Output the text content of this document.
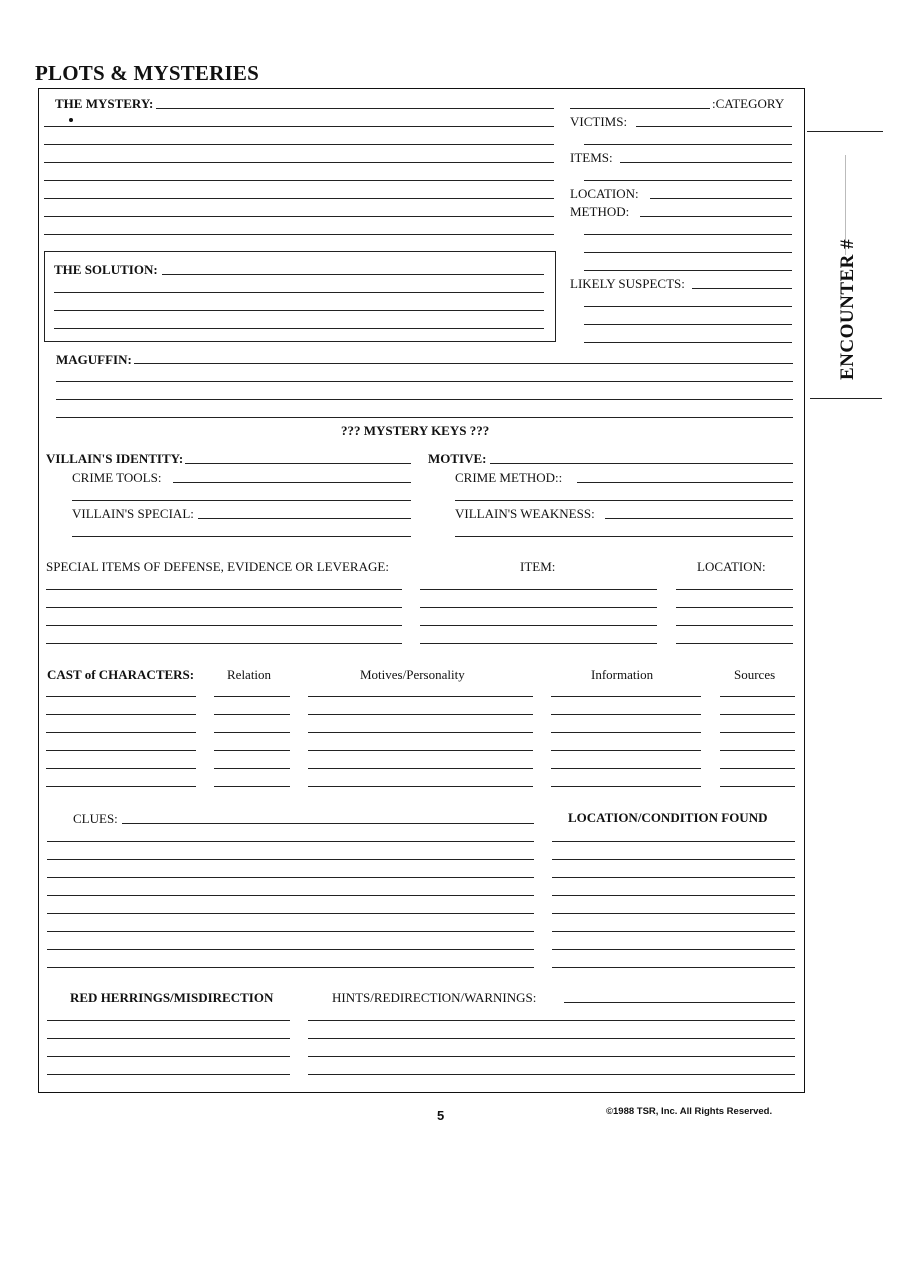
PLOTS & MYSTERIES
ENCOUNTER #
THE MYSTERY:	:CATEGORY
VICTIMS:
ITEMS:
LOCATION:
METHOD:
LIKELY SUSPECTS:
THE SOLUTION:
MAGUFFIN:
??? MYSTERY KEYS ???
VILLAIN'S IDENTITY:	MOTIVE:
CRIME TOOLS:	CRIME METHOD::
VILLAIN'S SPECIAL:	VILLAIN'S WEAKNESS:
SPECIAL ITEMS OF DEFENSE, EVIDENCE OR LEVERAGE:	ITEM:	LOCATION:
CAST of CHARACTERS:	Relation	Motives/Personality	Information	Sources
CLUES:	LOCATION/CONDITION FOUND
RED HERRINGS/MISDIRECTION	HINTS/REDIRECTION/WARNINGS:
5	©1988 TSR, Inc. All Rights Reserved.
